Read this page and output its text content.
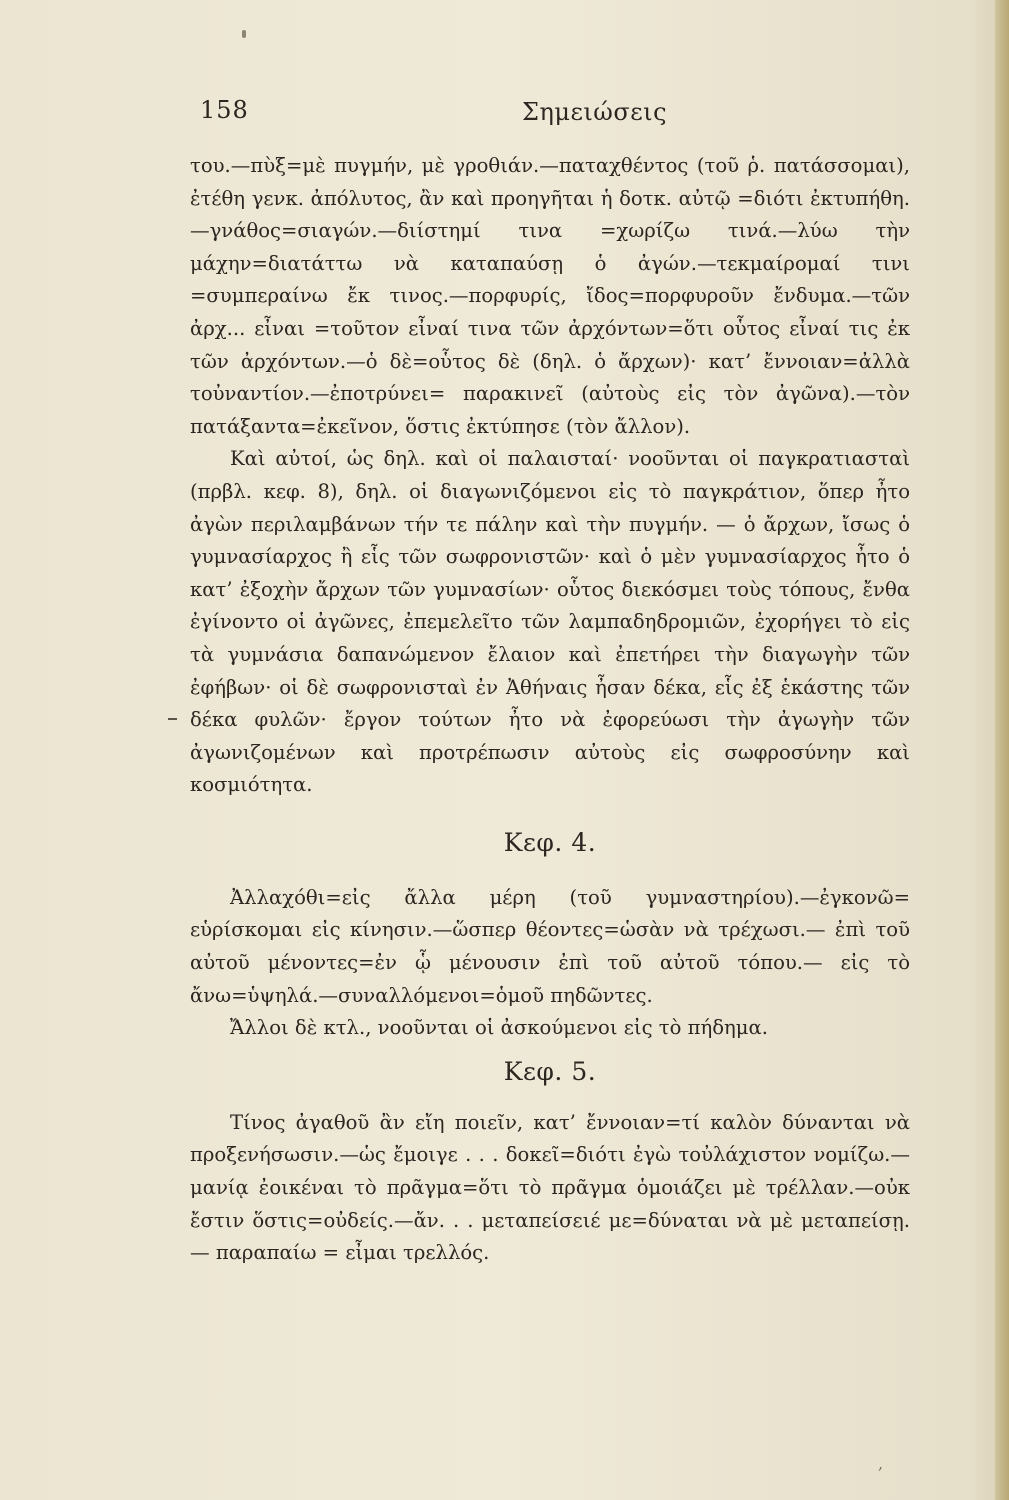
158	Σημειώσεις

του.—πὺξ=μὲ πυγμήν, μὲ γροθιάν.—παταχθέντος (τοῦ ῥ. πατάσσομαι), ἐτέθη γενκ. ἀπόλυτος, ἂν καὶ προηγῆται ἡ δοτκ. αὐτῷ =διότι ἐκτυπήθη.—γνάθος=σιαγών.—διίστημί τινα =χωρίζω τινά.—λύω τὴν μάχην=διατάττω νὰ καταπαύσῃ ὁ ἀγών.—τεκμαίρομαί τινι =συμπεραίνω ἔκ τινος.—πορφυρίς, ἴδος=πορφυροῦν ἔνδυμα.—τῶν ἀρχ... εἶναι =τοῦτον εἶναί τινα τῶν ἀρχόντων=ὅτι οὗτος εἶναί τις ἐκ τῶν ἀρχόντων.—ὁ δὲ=οὗτος δὲ (δηλ. ὁ ἄρχων)· κατ’ ἔννοιαν=ἀλλὰ τοὐναντίον.—ἐποτρύνει= παρακινεῖ (αὐτοὺς εἰς τὸν ἀγῶνα).—τὸν πατάξαντα=ἐκεῖνον, ὅστις ἐκτύπησε (τὸν ἄλλον).

Καὶ αὐτοί, ὡς δηλ. καὶ οἱ παλαισταί· νοοῦνται οἱ παγκρατιασταὶ (πρβλ. κεφ. 8), δηλ. οἱ διαγωνιζόμενοι εἰς τὸ παγκράτιον, ὅπερ ἦτο ἀγὼν περιλαμβάνων τήν τε πάλην καὶ τὴν πυγμήν. — ὁ ἄρχων, ἴσως ὁ γυμνασίαρχος ἢ εἷς τῶν σωφρονιστῶν· καὶ ὁ μὲν γυμνασίαρχος ἦτο ὁ κατ’ ἐξοχὴν ἄρχων τῶν γυμνασίων· οὗτος διεκόσμει τοὺς τόπους, ἔνθα ἐγίνοντο οἱ ἀγῶνες, ἐπεμελεῖτο τῶν λαμπαδηδρομιῶν, ἐχορήγει τὸ εἰς τὰ γυμνάσια δαπανώμενον ἔλαιον καὶ ἐπετήρει τὴν διαγωγὴν τῶν ἐφήβων· οἱ δὲ σωφρονισταὶ ἐν Ἀθήναις ἦσαν δέκα, εἷς ἐξ ἑκάστης τῶν δέκα φυλῶν· ἔργον τούτων ἦτο νὰ ἐφορεύωσι τὴν ἀγωγὴν τῶν ἀγωνιζομένων καὶ προτρέπωσιν αὐτοὺς εἰς σωφροσύνην καὶ κοσμιότητα.

Κεφ. 4.

Ἀλλαχόθι=εἰς ἄλλα μέρη (τοῦ γυμναστηρίου).—ἐγκονῶ= εὑρίσκομαι εἰς κίνησιν.—ὥσπερ θέοντες=ὡσὰν νὰ τρέχωσι.— ἐπὶ τοῦ αὐτοῦ μένοντες=ἐν ᾧ μένουσιν ἐπὶ τοῦ αὐτοῦ τόπου.— εἰς τὸ ἄνω=ὑψηλά.—συναλλόμενοι=ὁμοῦ πηδῶντες.

Ἄλλοι δὲ κτλ., νοοῦνται οἱ ἀσκούμενοι εἰς τὸ πήδημα.

Κεφ. 5.

Τίνος ἀγαθοῦ ἂν εἴη ποιεῖν, κατ’ ἔννοιαν=τί καλὸν δύνανται νὰ προξενήσωσιν.—ὡς ἔμοιγε . . . δοκεῖ=διότι ἐγὼ τοὐλάχιστον νομίζω.—μανίᾳ ἐοικέναι τὸ πρᾶγμα=ὅτι τὸ πρᾶγμα ὁμοιάζει μὲ τρέλλαν.—οὐκ ἔστιν ὅστις=οὐδείς.—ἄν. . . μεταπείσειέ με=δύναται νὰ μὲ μεταπείσῃ. — παραπαίω = εἶμαι τρελλός.

,
